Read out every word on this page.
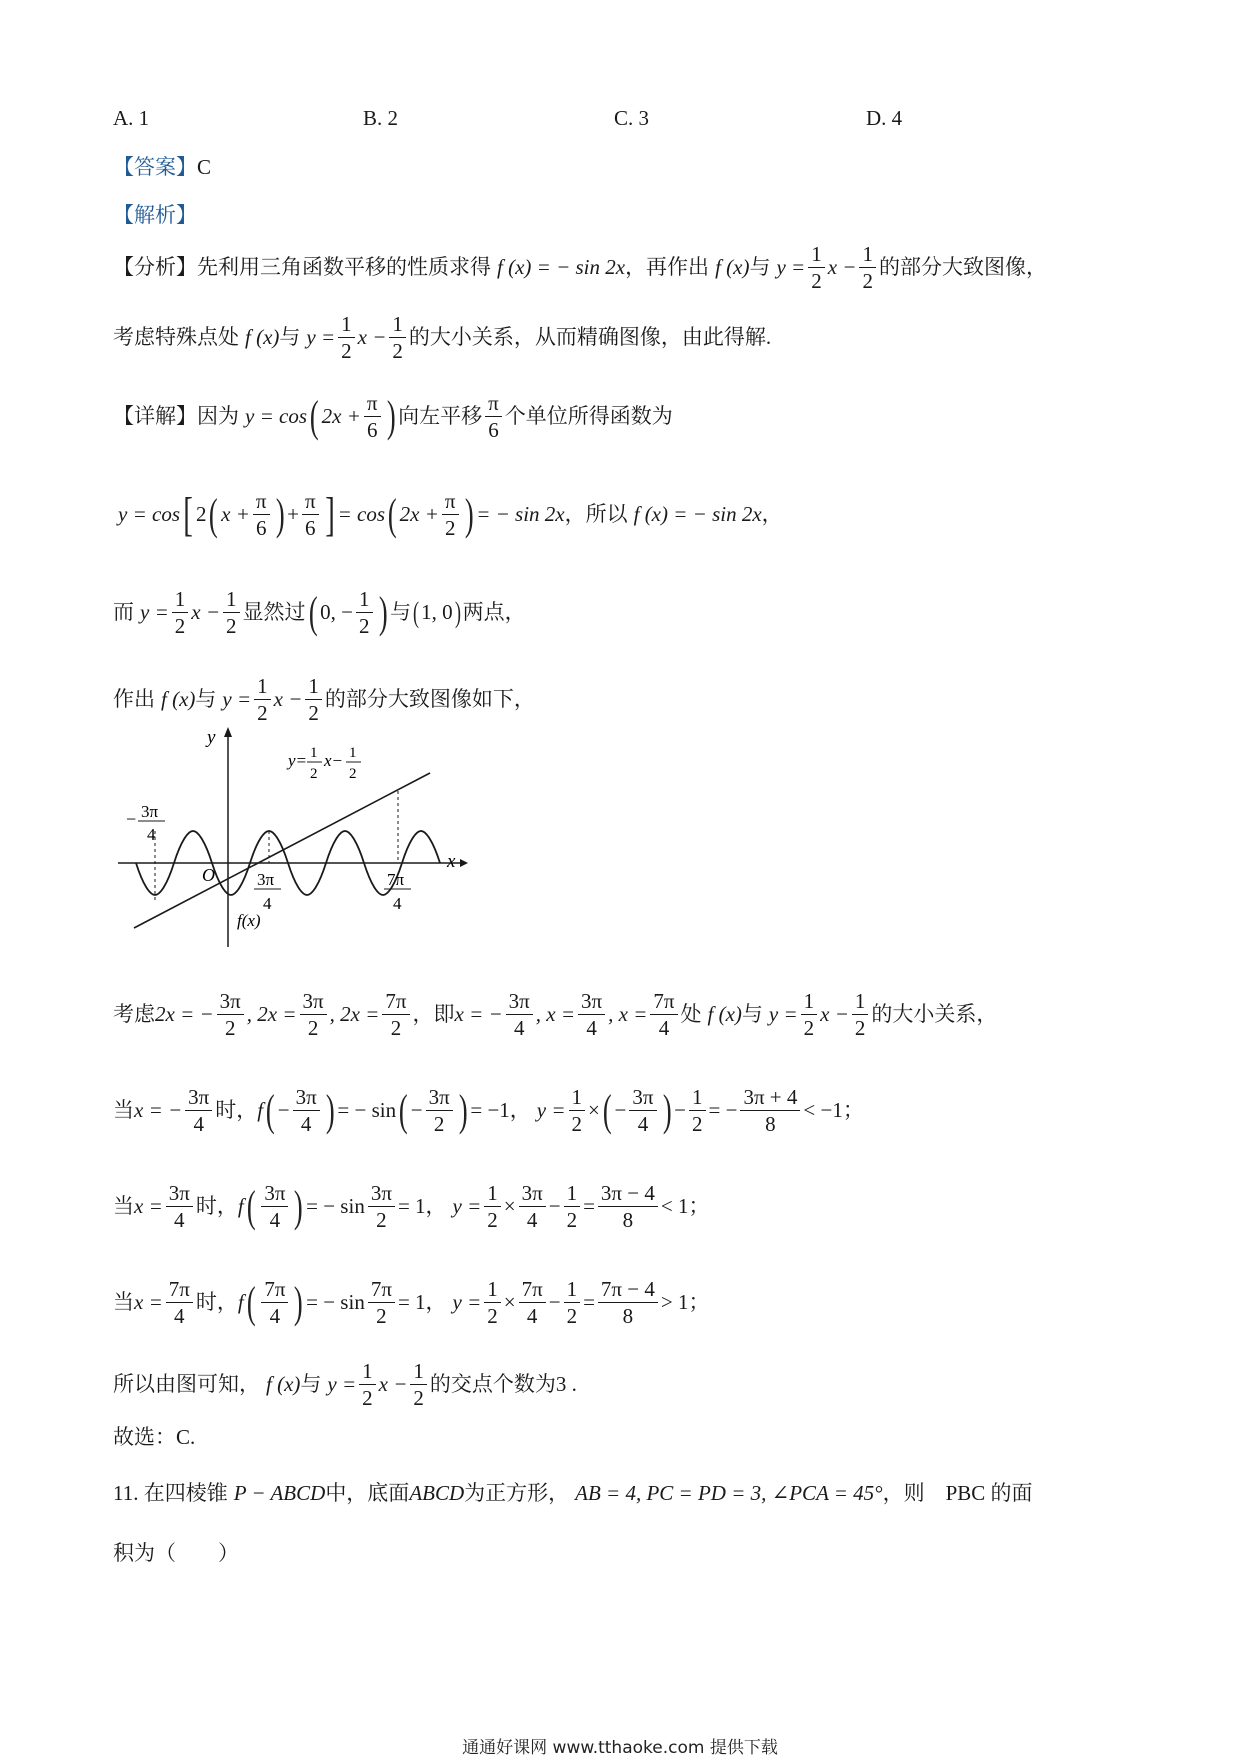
A. 1	B. 2	C. 3	D. 4
【答案】C
【解析】
【分析】 先利用三角函数平移的性质求得 f (x) = − sin 2x ，再作出 f (x) 与 $y = \frac{1}{2}$ $x - \frac{1}{2}$ 的部分大致图像，
考虑特殊点处 f (x) 与 $y = \frac{1}{2}$ $x - \frac{1}{2}$ 的大小关系，从而精确图像，由此得解.
【详解】 因为 y = cos ( $2x + \frac{\pi}{6}$ ) 向左平移 $\frac{\pi}{6}$ 个单位所得函数为
y = cos [ 2 ( $x + \frac{\pi}{6}$ ) + $\frac{\pi}{6}$ ] = cos ( $2x + \frac{\pi}{2}$ ) = − sin 2x ，所以 f (x) = − sin 2x ，
而 $y = \frac{1}{2}$ $x - \frac{1}{2}$ 显然过 ( 0, − $\frac{1}{2}$ ) 与 ( 1, 0 ) 两点，
作出 f (x) 与 $y = \frac{1}{2}$ $x - \frac{1}{2}$ 的部分大致图像如下，
y
x
O
y= 1
2
x− 1
2
− 3π
4
3π
4
7π
4
f(x)
考虑 2x = − $\frac{3\pi}{2}$ , $2x = \frac{3\pi}{2}$ , $2x = \frac{7\pi}{2}$ ，即 x = − $\frac{3\pi}{4}$ , $x = \frac{3\pi}{4}$ , $x = \frac{7\pi}{4}$ 处 f (x) 与 $y = \frac{1}{2}$ $x - \frac{1}{2}$ 的大小关系，
当 x = − $\frac{3\pi}{4}$ 时， f ( − $\frac{3\pi}{4}$ ) = − sin ( − $\frac{3\pi}{2}$ ) = −1， $y = \frac{1}{2}$ × ( − $\frac{3\pi}{4}$ ) − $\frac{1}{2}$ = − $\frac{3\pi + 4}{8} < -1$；
当 $x = \frac{3\pi}{4}$ 时， f ( $\frac{3\pi}{4}$ ) = − $\sin \frac{3\pi}{2} = 1$， $y = \frac{1}{2} \times \frac{3\pi}{4} - \frac{1}{2} = \frac{3\pi - 4}{8} < 1$；
当 $x = \frac{7\pi}{4}$ 时， f ( $\frac{7\pi}{4}$ ) = − $\sin \frac{7\pi}{2} = 1$， $y = \frac{1}{2} \times \frac{7\pi}{4} - \frac{1}{2} = \frac{7\pi - 4}{8} > 1$；
所以由图可知， f (x) 与 $y = \frac{1}{2}$ $x - \frac{1}{2}$ 的交点个数为 3 .
故选：C.
11. 在四棱锥 P − ABCD 中，底面 ABCD 为正方形， AB = 4, PC = PD = 3, ∠PCA = 45° ，则　PBC 的面
积为（　　）
通通好课网 www.tthaoke.com 提供下载
